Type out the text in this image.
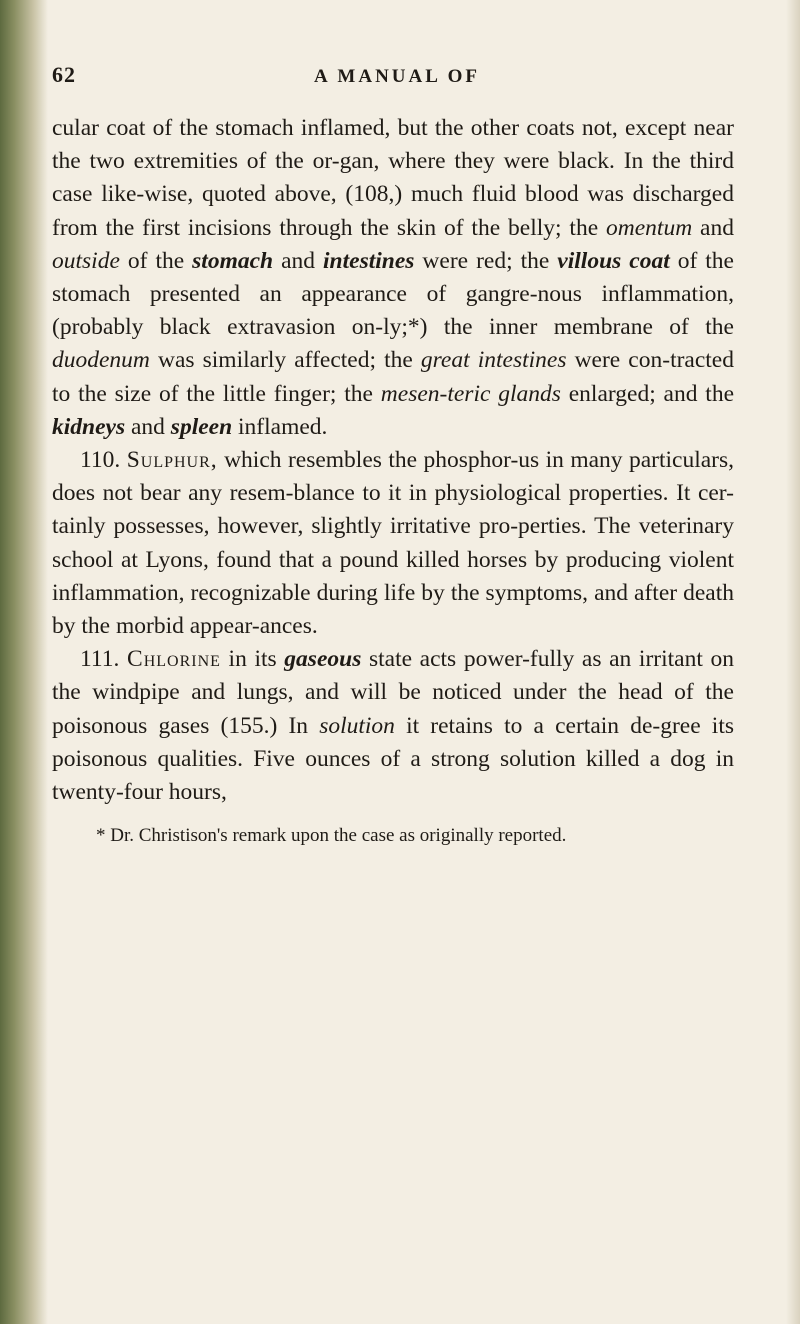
62	A MANUAL OF

cular coat of the stomach inflamed, but the other coats not, except near the two extremities of the or-gan, where they were black. In the third case like-wise, quoted above, (108,) much fluid blood was discharged from the first incisions through the skin of the belly; the omentum and outside of the stomach and intestines were red; the villous coat of the stomach presented an appearance of gangre-nous inflammation, (probably black extravasion on-ly;*) the inner membrane of the duodenum was similarly affected; the great intestines were con-tracted to the size of the little finger; the mesen-teric glands enlarged; and the kidneys and spleen inflamed.

110. Sulphur, which resembles the phosphor-us in many particulars, does not bear any resem-blance to it in physiological properties. It cer-tainly possesses, however, slightly irritative pro-perties. The veterinary school at Lyons, found that a pound killed horses by producing violent inflammation, recognizable during life by the symptoms, and after death by the morbid appear-ances.

111. Chlorine in its gaseous state acts power-fully as an irritant on the windpipe and lungs, and will be noticed under the head of the poisonous gases (155.) In solution it retains to a certain de-gree its poisonous qualities. Five ounces of a strong solution killed a dog in twenty-four hours,

* Dr. Christison's remark upon the case as originally reported.
